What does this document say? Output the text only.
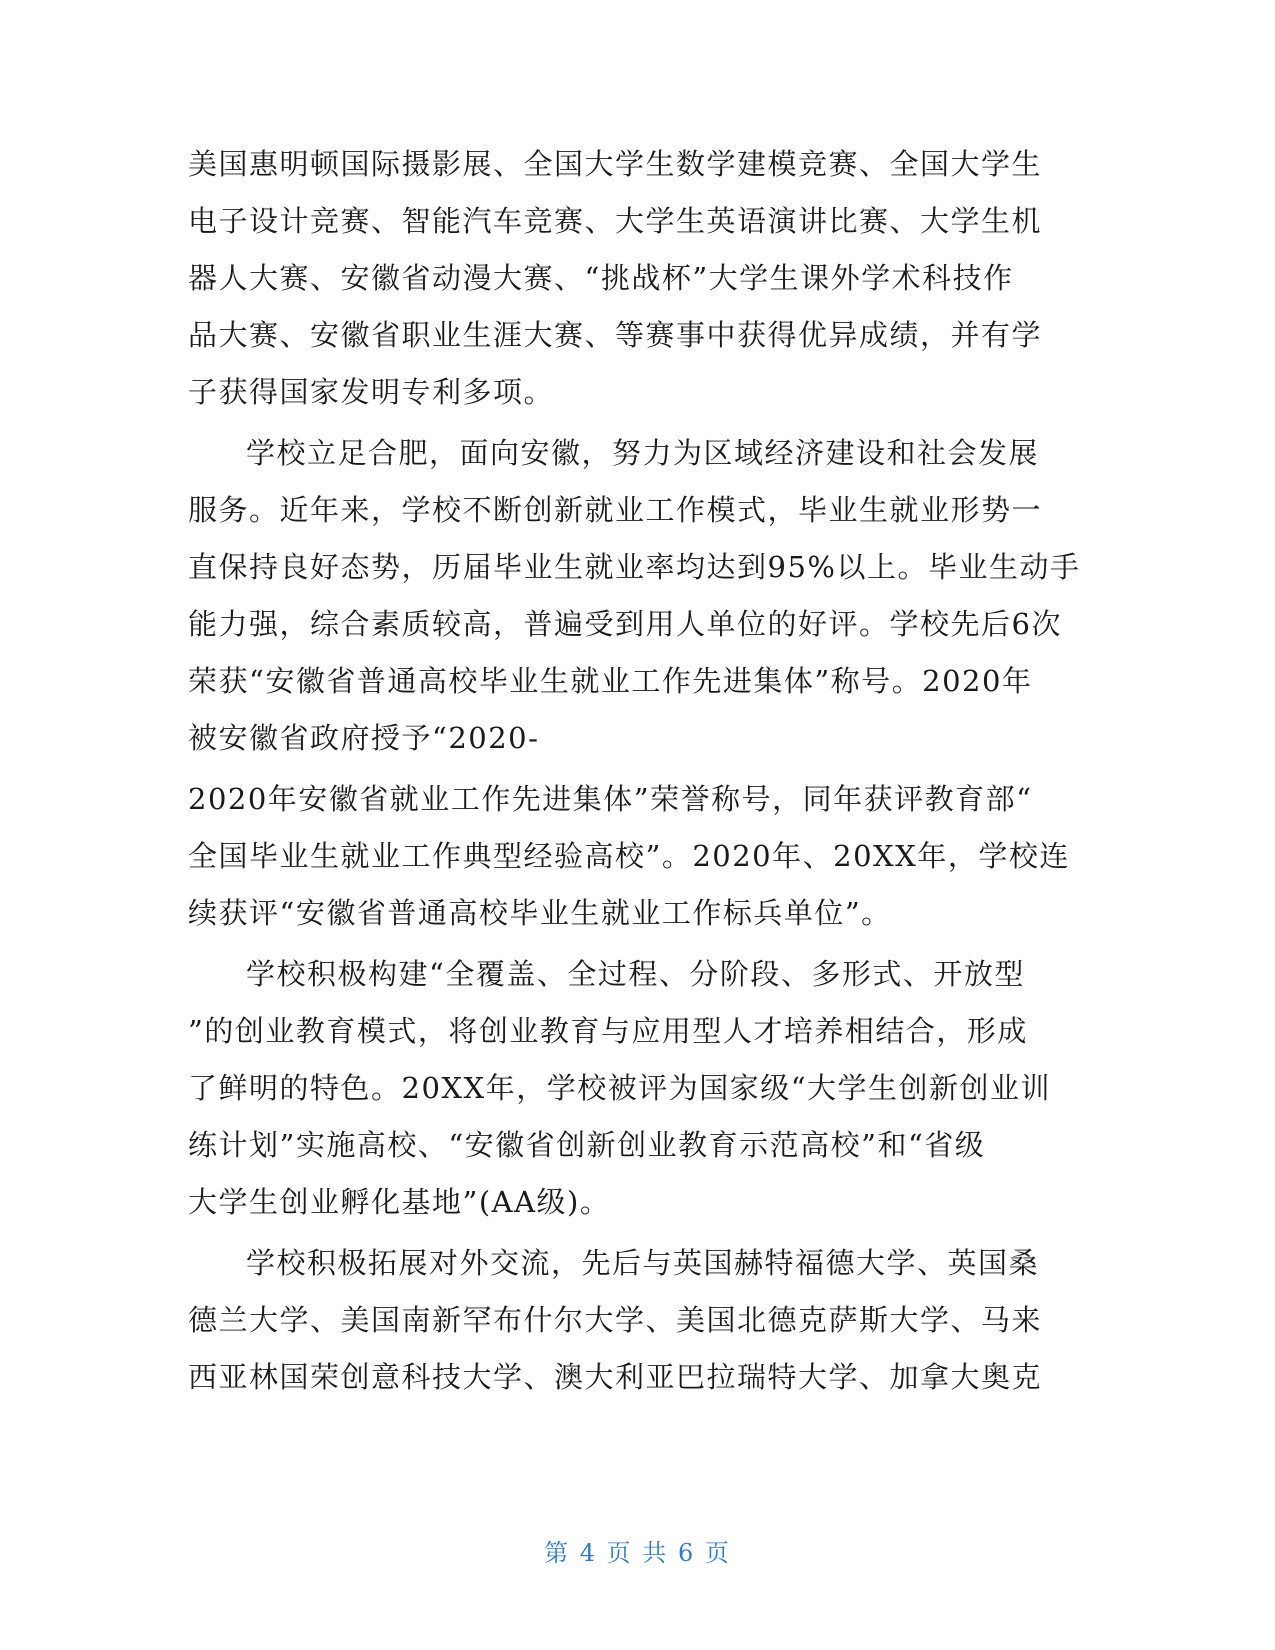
美国惠明顿国际摄影展、全国大学生数学建模竞赛、全国大学生
电子设计竞赛、智能汽车竞赛、大学生英语演讲比赛、大学生机
器人大赛、安徽省动漫大赛、“挑战杯”大学生课外学术科技作
品大赛、安徽省职业生涯大赛、等赛事中获得优异成绩，并有学
子获得国家发明专利多项。
学校立足合肥，面向安徽，努力为区域经济建设和社会发展
服务。近年来，学校不断创新就业工作模式，毕业生就业形势一
直保持良好态势，历届毕业生就业率均达到95%以上。毕业生动手
能力强，综合素质较高，普遍受到用人单位的好评。学校先后6次
荣获“安徽省普通高校毕业生就业工作先进集体”称号。2020年
被安徽省政府授予“2020-
2020年安徽省就业工作先进集体”荣誉称号，同年获评教育部“
全国毕业生就业工作典型经验高校”。2020年、20XX年，学校连
续获评“安徽省普通高校毕业生就业工作标兵单位”。
学校积极构建“全覆盖、全过程、分阶段、多形式、开放型
”的创业教育模式，将创业教育与应用型人才培养相结合，形成
了鲜明的特色。20XX年，学校被评为国家级“大学生创新创业训
练计划”实施高校、“安徽省创新创业教育示范高校”和“省级
大学生创业孵化基地”(AA级)。
学校积极拓展对外交流，先后与英国赫特福德大学、英国桑
德兰大学、美国南新罕布什尔大学、美国北德克萨斯大学、马来
西亚林国荣创意科技大学、澳大利亚巴拉瑞特大学、加拿大奥克
第 4 页 共 6 页
